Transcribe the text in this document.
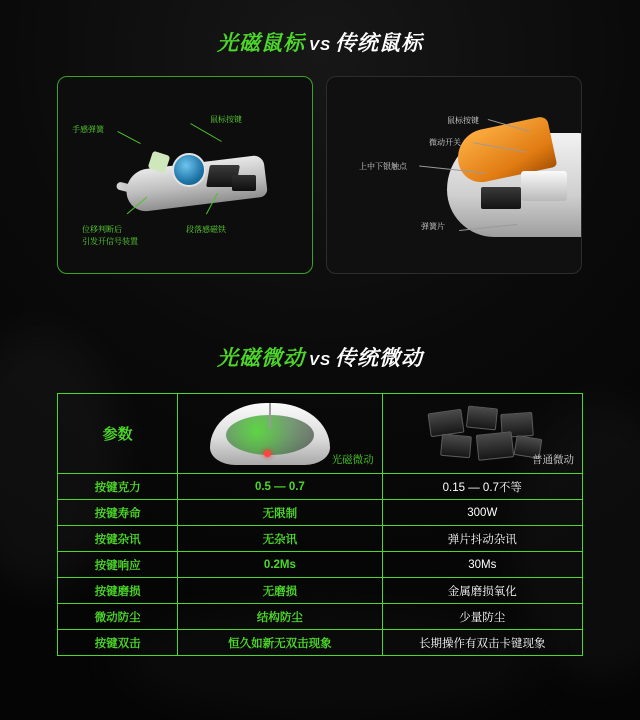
光磁鼠标 VS 传统鼠标
手感弹簧
鼠标按键
位移判断后
引发开信号装置
段落感磁铁
鼠标按键
微动开关
上中下银触点
弹簧片
光磁微动 VS 传统微动
参数	光磁微动	普通微动

按键克力	0.5 — 0.7	0.15 — 0.7不等
按键寿命	无限制	300W
按键杂讯	无杂讯	弹片抖动杂讯
按键响应	0.2Ms	30Ms
按键磨损	无磨损	金属磨损氧化
微动防尘	结构防尘	少量防尘
按键双击	恒久如新无双击现象	长期操作有双击卡键现象
